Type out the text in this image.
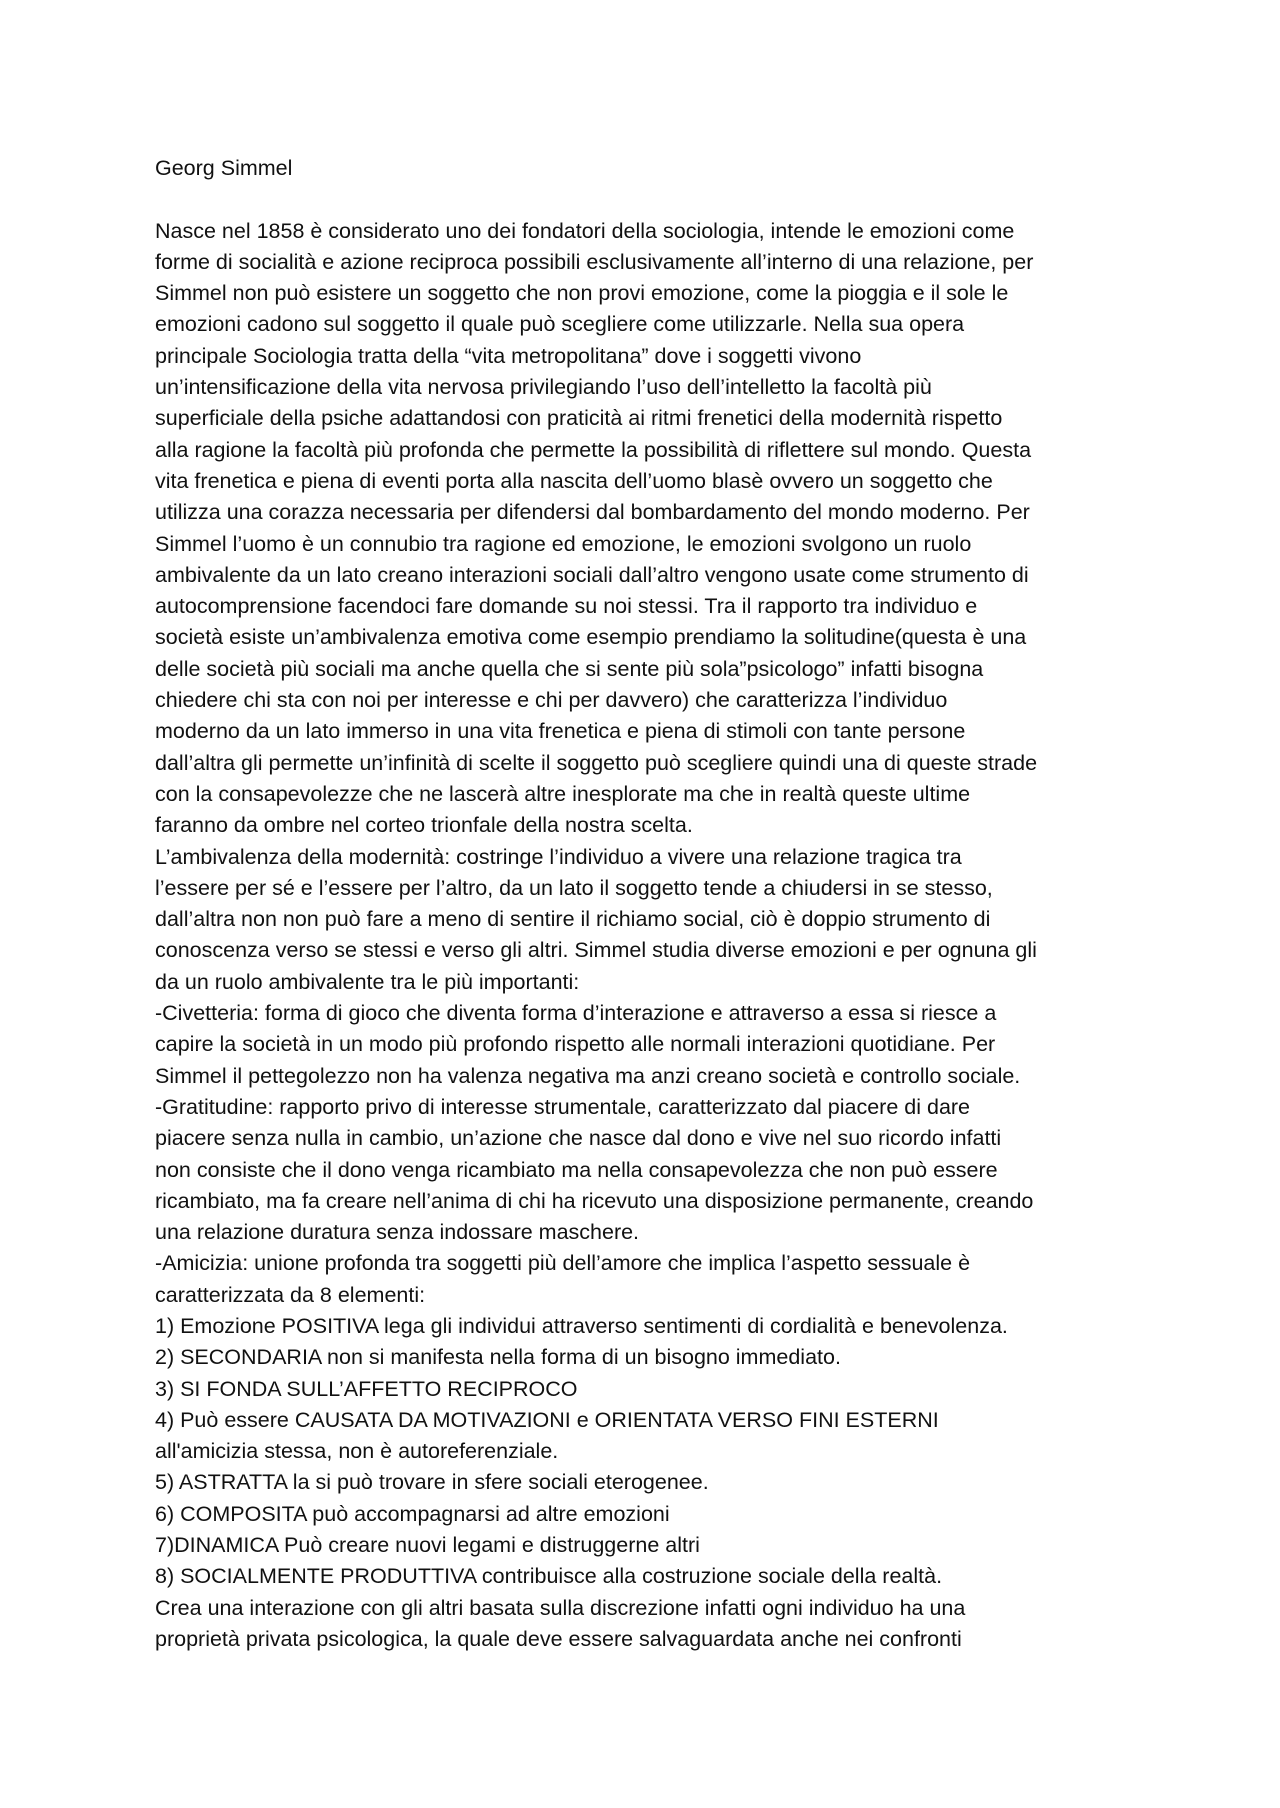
Georg Simmel
Nasce nel 1858 è considerato uno dei fondatori della sociologia, intende le emozioni come
forme di socialità e azione reciproca possibili esclusivamente all’interno di una relazione, per
Simmel non può esistere un soggetto che non provi emozione, come la pioggia e il sole le
emozioni cadono sul soggetto il quale può scegliere come utilizzarle. Nella sua opera
principale Sociologia tratta della “vita metropolitana” dove i soggetti vivono
un’intensificazione della vita nervosa privilegiando l’uso dell’intelletto la facoltà più
superficiale della psiche adattandosi con praticità ai ritmi frenetici della modernità rispetto
alla ragione la facoltà più profonda che permette la possibilità di riflettere sul mondo. Questa
vita frenetica e piena di eventi porta alla nascita dell’uomo blasè ovvero un soggetto che
utilizza una corazza necessaria per difendersi dal bombardamento del mondo moderno. Per
Simmel l’uomo è un connubio tra ragione ed emozione, le emozioni svolgono un ruolo
ambivalente da un lato creano interazioni sociali dall’altro vengono usate come strumento di
autocomprensione facendoci fare domande su noi stessi. Tra il rapporto tra individuo e
società esiste un’ambivalenza emotiva come esempio prendiamo la solitudine(questa è una
delle società più sociali ma anche quella che si sente più sola”psicologo” infatti bisogna
chiedere chi sta con noi per interesse e chi per davvero) che caratterizza l’individuo
moderno da un lato immerso in una vita frenetica e piena di stimoli con tante persone
dall’altra gli permette un’infinità di scelte il soggetto può scegliere quindi una di queste strade
con la consapevolezze che ne lascerà altre inesplorate ma che in realtà queste ultime
faranno da ombre nel corteo trionfale della nostra scelta.
L’ambivalenza della modernità: costringe l’individuo a vivere una relazione tragica tra
l’essere per sé e l’essere per l’altro, da un lato il soggetto tende a chiudersi in se stesso,
dall’altra non non può fare a meno di sentire il richiamo social, ciò è doppio strumento di
conoscenza verso se stessi e verso gli altri. Simmel studia diverse emozioni e per ognuna gli
da un ruolo ambivalente tra le più importanti:
-Civetteria: forma di gioco che diventa forma d’interazione e attraverso a essa si riesce a
capire la società in un modo più profondo rispetto alle normali interazioni quotidiane. Per
Simmel il pettegolezzo non ha valenza negativa ma anzi creano società e controllo sociale.
-Gratitudine: rapporto privo di interesse strumentale, caratterizzato dal piacere di dare
piacere senza nulla in cambio, un’azione che nasce dal dono e vive nel suo ricordo infatti
non consiste che il dono venga ricambiato ma nella consapevolezza che non può essere
ricambiato, ma fa creare nell’anima di chi ha ricevuto una disposizione permanente, creando
una relazione duratura senza indossare maschere.
-Amicizia: unione profonda tra soggetti più dell’amore che implica l’aspetto sessuale è
caratterizzata da 8 elementi:
1) Emozione POSITIVA lega gli individui attraverso sentimenti di cordialità e benevolenza.
2) SECONDARIA non si manifesta nella forma di un bisogno immediato.
3) SI FONDA SULL’AFFETTO RECIPROCO
4) Può essere CAUSATA DA MOTIVAZIONI e ORIENTATA VERSO FINI ESTERNI
all'amicizia stessa, non è autoreferenziale.
5) ASTRATTA la si può trovare in sfere sociali eterogenee.
6) COMPOSITA può accompagnarsi ad altre emozioni
7)DINAMICA Può creare nuovi legami e distruggerne altri
8) SOCIALMENTE PRODUTTIVA contribuisce alla costruzione sociale della realtà.
Crea una interazione con gli altri basata sulla discrezione infatti ogni individuo ha una
proprietà privata psicologica, la quale deve essere salvaguardata anche nei confronti
